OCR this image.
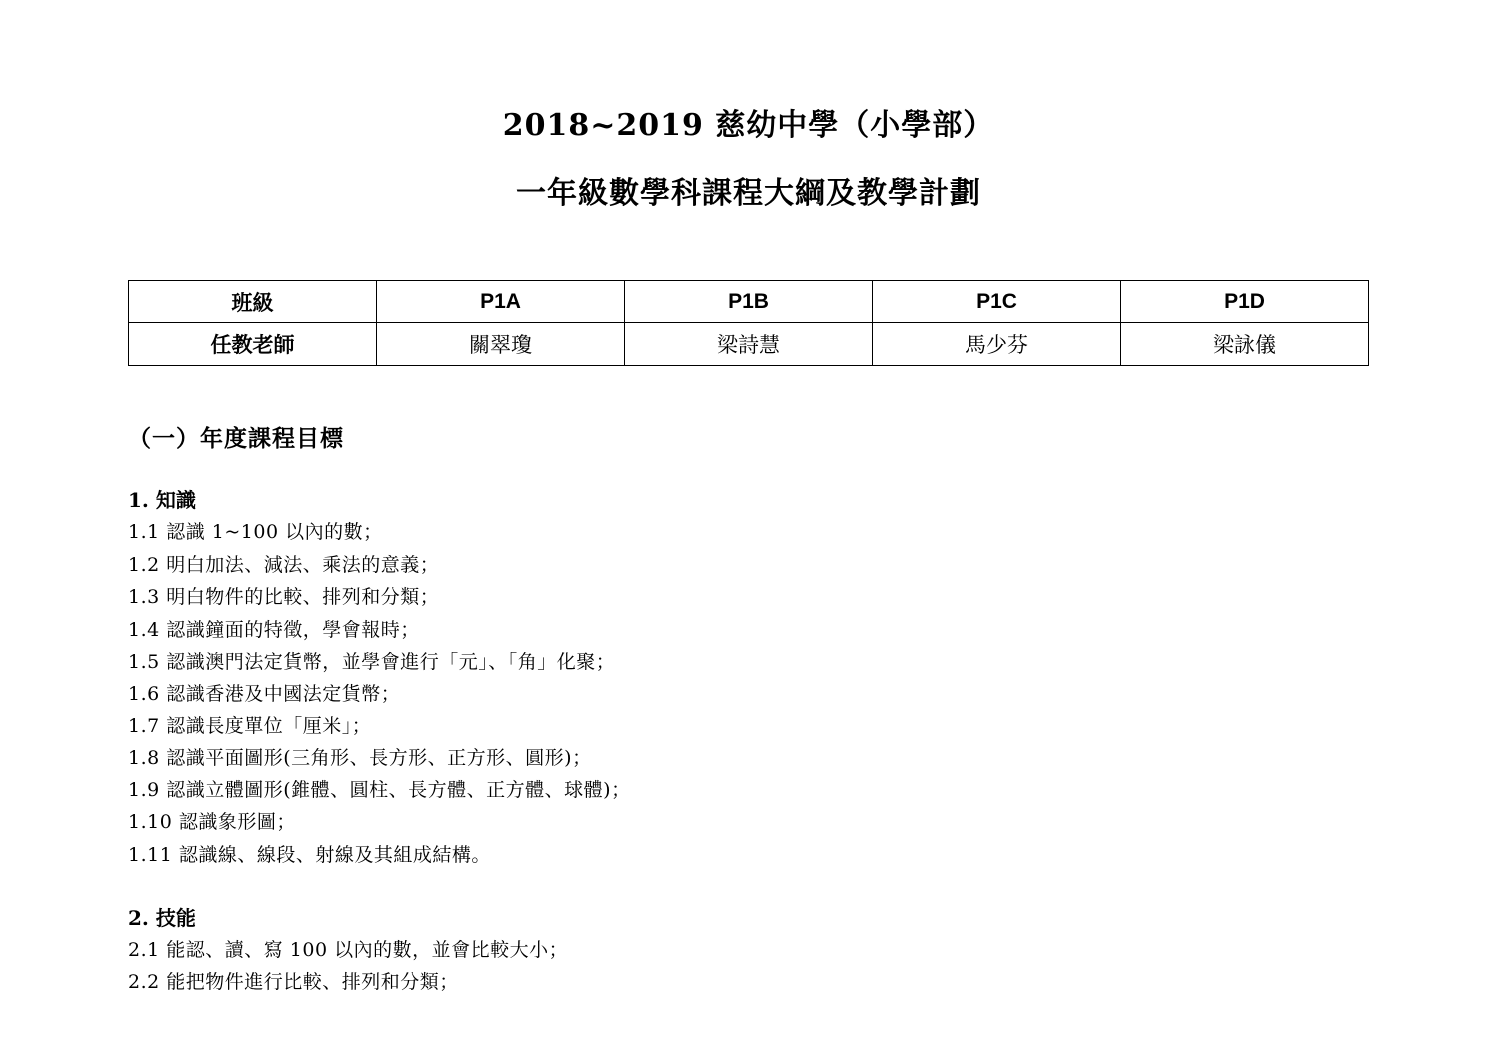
2018~2019 慈幼中學（小學部）
一年級數學科課程大綱及教學計劃
班級	P1A	P1B	P1C	P1D
任教老師	關翠瓊	梁詩慧	馬少芬	梁詠儀
（一）年度課程目標
1. 知識
1.1 認識 1~100 以內的數；
1.2 明白加法、減法、乘法的意義；
1.3 明白物件的比較、排列和分類；
1.4 認識鐘面的特徵，學會報時；
1.5 認識澳門法定貨幣，並學會進行「元」、「角」化聚；
1.6 認識香港及中國法定貨幣；
1.7 認識長度單位「厘米」；
1.8 認識平面圖形(三角形、長方形、正方形、圓形)；
1.9 認識立體圖形(錐體、圓柱、長方體、正方體、球體)；
1.10 認識象形圖；
1.11 認識線、線段、射線及其組成結構。
2. 技能
2.1 能認、讀、寫 100 以內的數，並會比較大小；
2.2 能把物件進行比較、排列和分類；
